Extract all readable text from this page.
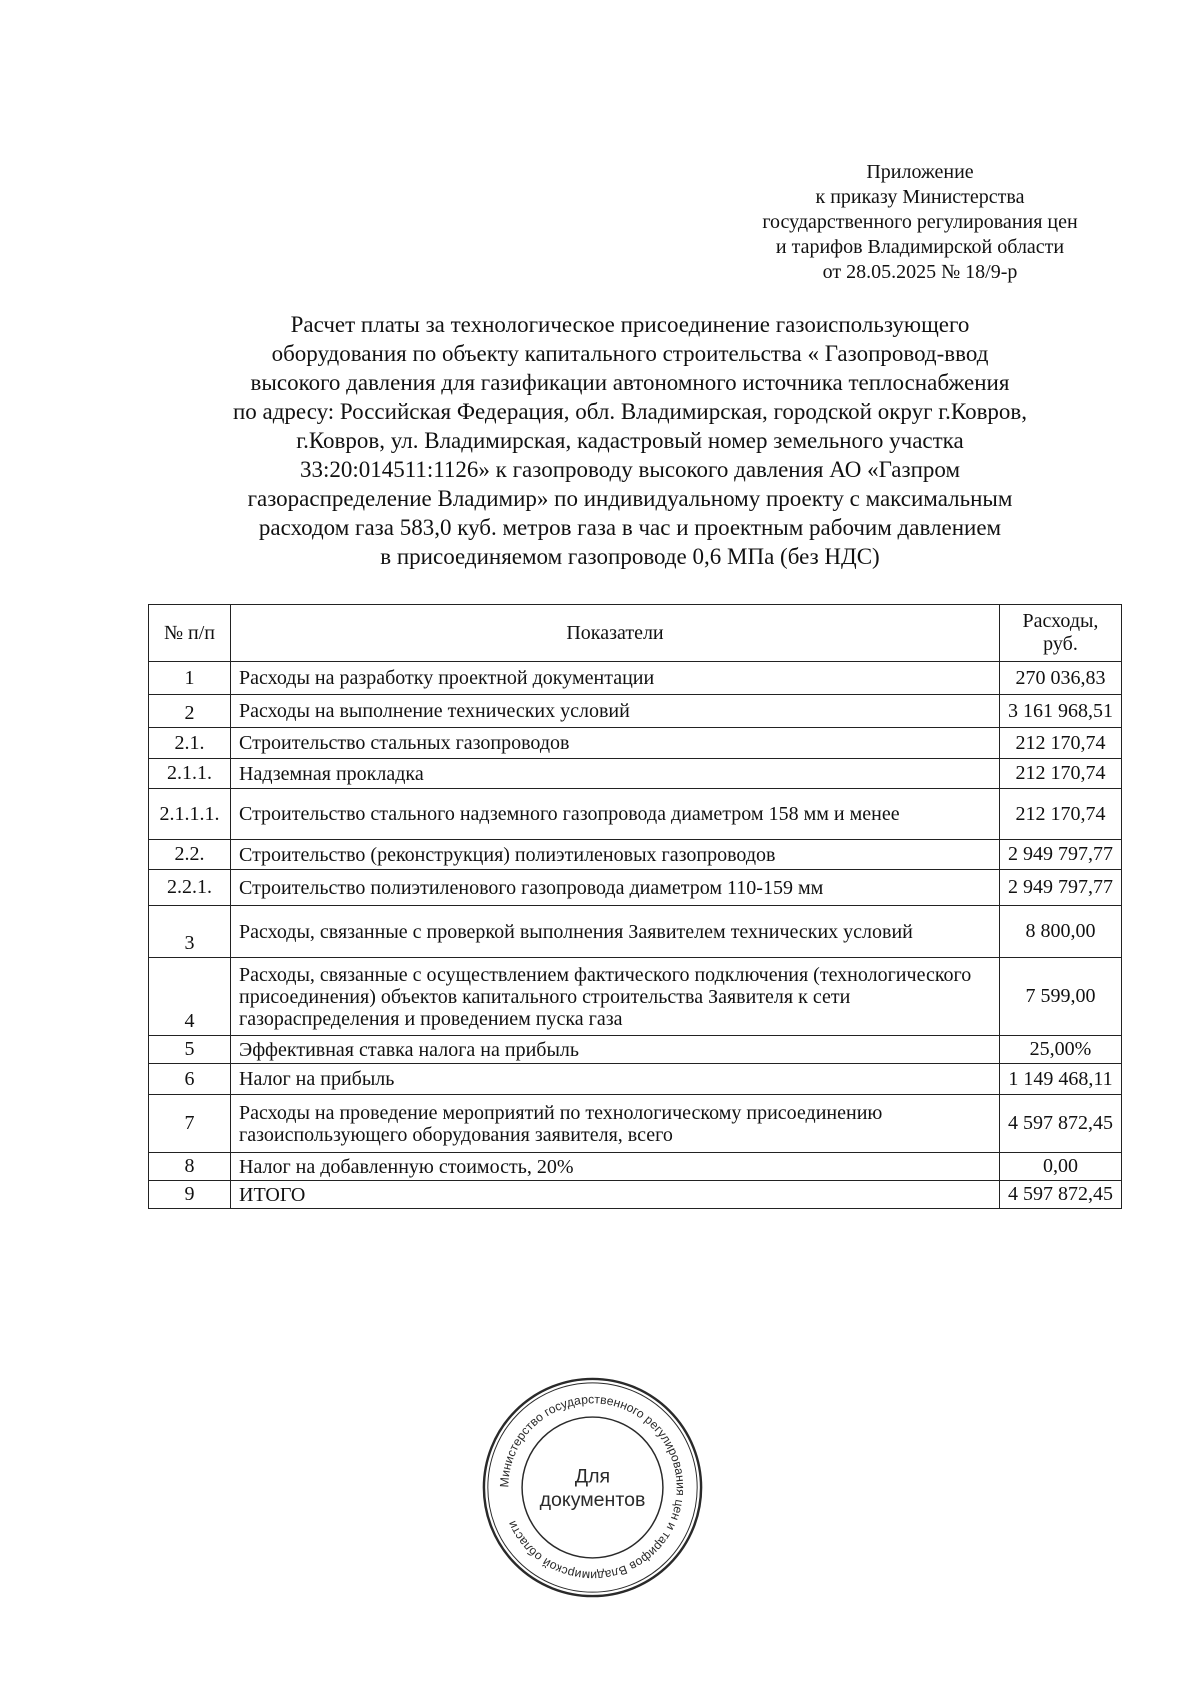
Приложение
к приказу Министерства
государственного регулирования цен
и тарифов Владимирской области
от 28.05.2025 № 18/9-р
Расчет платы за технологическое присоединение газоиспользующего
оборудования по объекту капитального строительства « Газопровод-ввод
высокого давления для газификации автономного источника теплоснабжения
по адресу: Российская Федерация, обл. Владимирская, городской округ г.Ковров,
г.Ковров, ул. Владимирская, кадастровый номер земельного участка
33:20:014511:1126» к газопроводу высокого давления АО «Газпром
газораспределение Владимир» по индивидуальному проекту с максимальным
расходом газа 583,0 куб. метров газа в час и проектным рабочим давлением
в присоединяемом газопроводе 0,6 МПа (без НДС)
№ п/п	Показатели	Расходы, руб.
1	Расходы на разработку проектной документации	270 036,83
2	Расходы на выполнение технических условий	3 161 968,51
2.1.	Строительство стальных газопроводов	212 170,74
2.1.1.	Надземная прокладка	212 170,74
2.1.1.1.	Строительство стального надземного газопровода диаметром 158 мм и менее	212 170,74
2.2.	Строительство (реконструкция) полиэтиленовых газопроводов	2 949 797,77
2.2.1.	Строительство полиэтиленового газопровода диаметром 110-159 мм	2 949 797,77
3	Расходы, связанные с проверкой выполнения Заявителем технических условий	8 800,00
4	Расходы, связанные с осуществлением фактического подключения (технологического присоединения) объектов капитального строительства Заявителя к сети газораспределения и проведением пуска газа	7 599,00
5	Эффективная ставка налога на прибыль	25,00%
6	Налог на прибыль	1 149 468,11
7	Расходы на проведение мероприятий по технологическому присоединению газоиспользующего оборудования заявителя, всего	4 597 872,45
8	Налог на добавленную стоимость, 20%	0,00
9	ИТОГО	4 597 872,45
Министерство государственного регулирования цен и тарифов Владимирской области
Для
документов
